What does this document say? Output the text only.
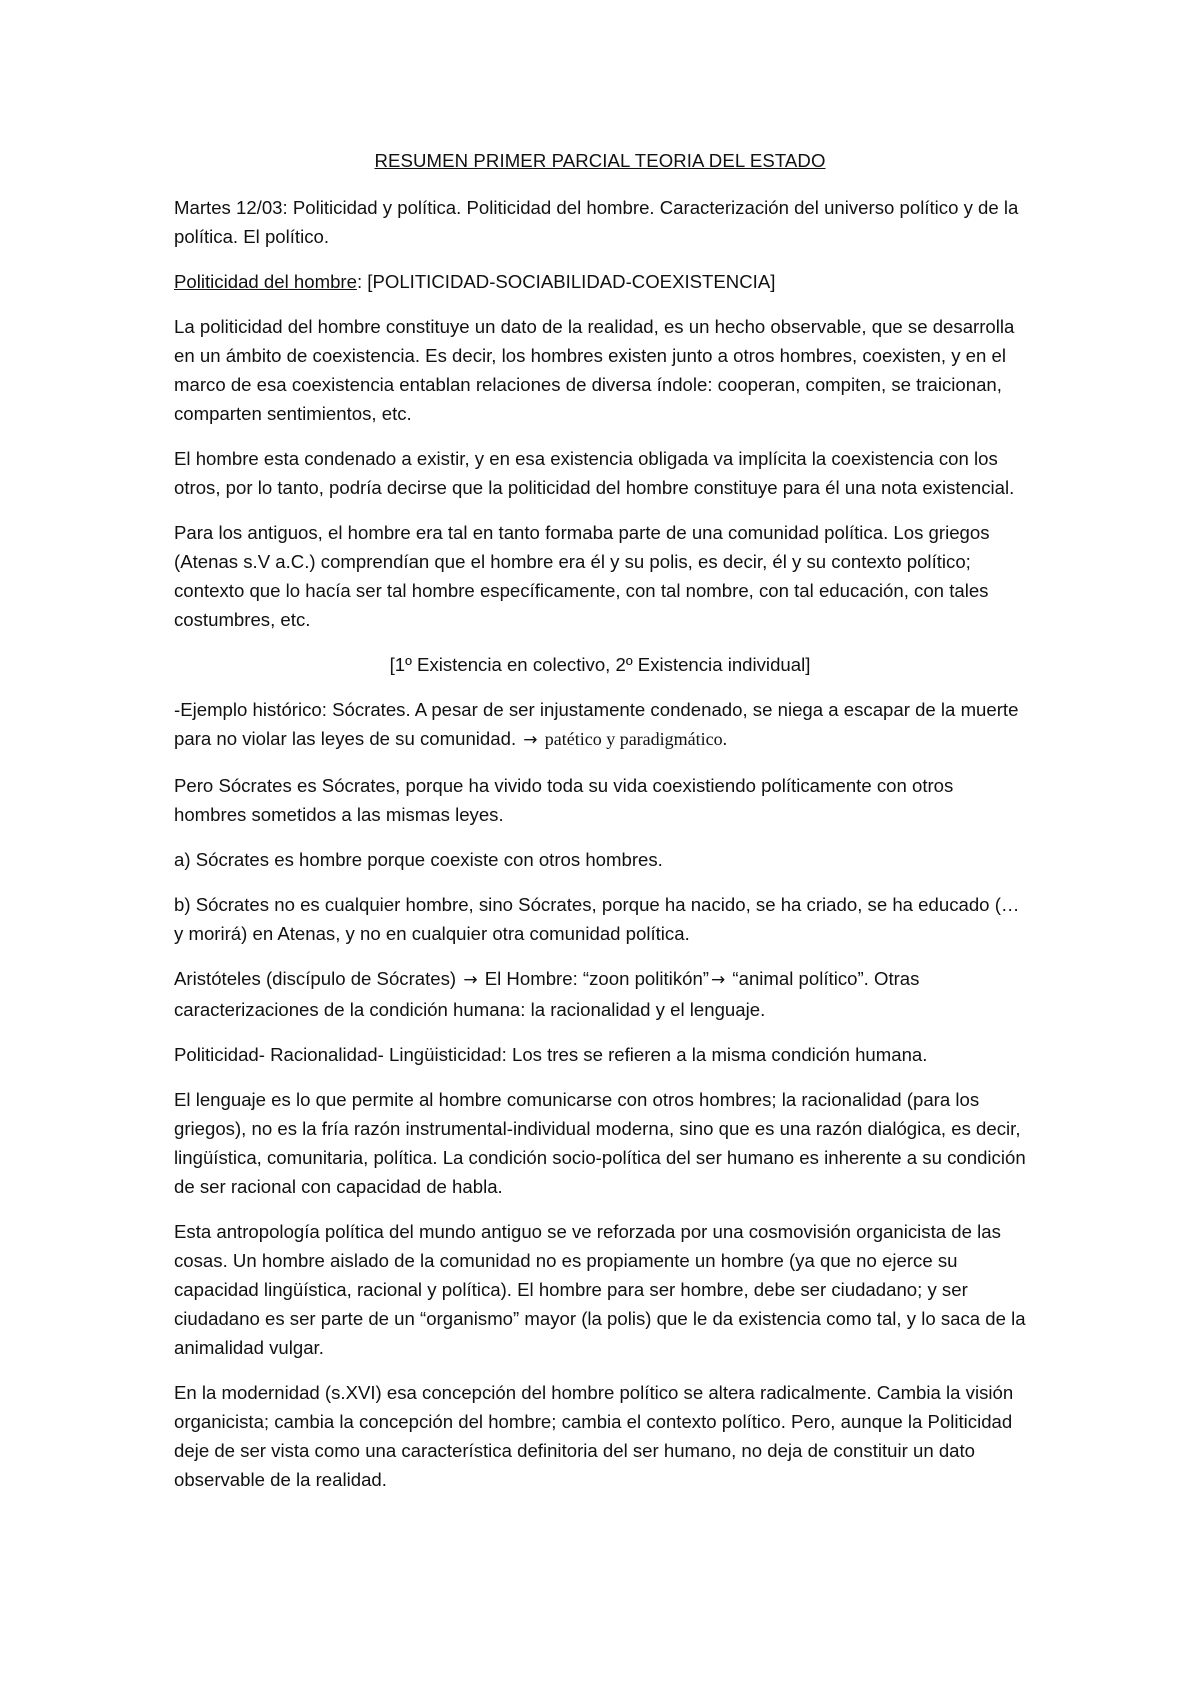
RESUMEN PRIMER PARCIAL TEORIA DEL ESTADO

Martes 12/03: Politicidad y política. Politicidad del hombre. Caracterización del universo político y de la política. El político.

Politicidad del hombre: [POLITICIDAD-SOCIABILIDAD-COEXISTENCIA]

La politicidad del hombre constituye un dato de la realidad, es un hecho observable, que se desarrolla en un ámbito de coexistencia. Es decir, los hombres existen junto a otros hombres, coexisten, y en el marco de esa coexistencia entablan relaciones de diversa índole: cooperan, compiten, se traicionan, comparten sentimientos, etc.

El hombre esta condenado a existir, y en esa existencia obligada va implícita la coexistencia con los otros, por lo tanto, podría decirse que la politicidad del hombre constituye para él una nota existencial.

Para los antiguos, el hombre era tal en tanto formaba parte de una comunidad política. Los griegos (Atenas s.V a.C.) comprendían que el hombre era él y su polis, es decir, él y su contexto político; contexto que lo hacía ser tal hombre específicamente, con tal nombre, con tal educación, con tales costumbres, etc.

[1º Existencia en colectivo, 2º Existencia individual]

-Ejemplo histórico: Sócrates. A pesar de ser injustamente condenado, se niega a escapar de la muerte para no violar las leyes de su comunidad. → patético y paradigmático.

Pero Sócrates es Sócrates, porque ha vivido toda su vida coexistiendo políticamente con otros hombres sometidos a las mismas leyes.

a) Sócrates es hombre porque coexiste con otros hombres.

b) Sócrates no es cualquier hombre, sino Sócrates, porque ha nacido, se ha criado, se ha educado (… y morirá) en Atenas, y no en cualquier otra comunidad política.

Aristóteles (discípulo de Sócrates) → El Hombre: “zoon politikón” → “animal político”. Otras caracterizaciones de la condición humana: la racionalidad y el lenguaje.

Politicidad- Racionalidad- Lingüisticidad: Los tres se refieren a la misma condición humana.

El lenguaje es lo que permite al hombre comunicarse con otros hombres; la racionalidad (para los griegos), no es la fría razón instrumental-individual moderna, sino que es una razón dialógica, es decir, lingüística, comunitaria, política. La condición socio-política del ser humano es inherente a su condición de ser racional con capacidad de habla.

Esta antropología política del mundo antiguo se ve reforzada por una cosmovisión organicista de las cosas. Un hombre aislado de la comunidad no es propiamente un hombre (ya que no ejerce su capacidad lingüística, racional y política). El hombre para ser hombre, debe ser ciudadano; y ser ciudadano es ser parte de un “organismo” mayor (la polis) que le da existencia como tal, y lo saca de la animalidad vulgar.

En la modernidad (s.XVI) esa concepción del hombre político se altera radicalmente. Cambia la visión organicista; cambia la concepción del hombre; cambia el contexto político. Pero, aunque la Politicidad deje de ser vista como una característica definitoria del ser humano, no deja de constituir un dato observable de la realidad.
